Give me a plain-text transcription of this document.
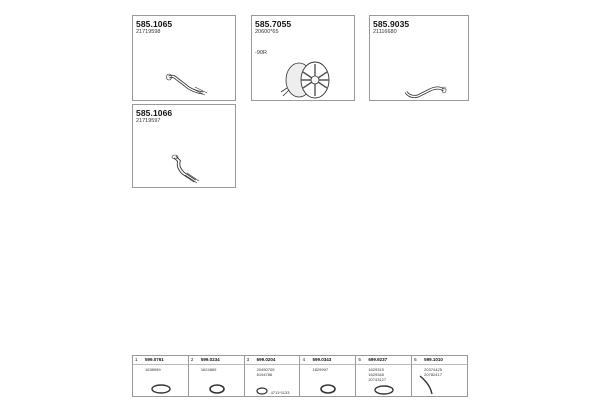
585.1065
21719598
585.7055
20600*65
-90R
585.9035
21116680
585.1066
21719597
1 599.0761
1638999
2 599.0234
1624869
3 699.0204
20450705
6194786
4711*1133
4 599.0343
1629997
5 699.9237
1629315
1629348
20743127
6 599.1010
20374425
20782417
